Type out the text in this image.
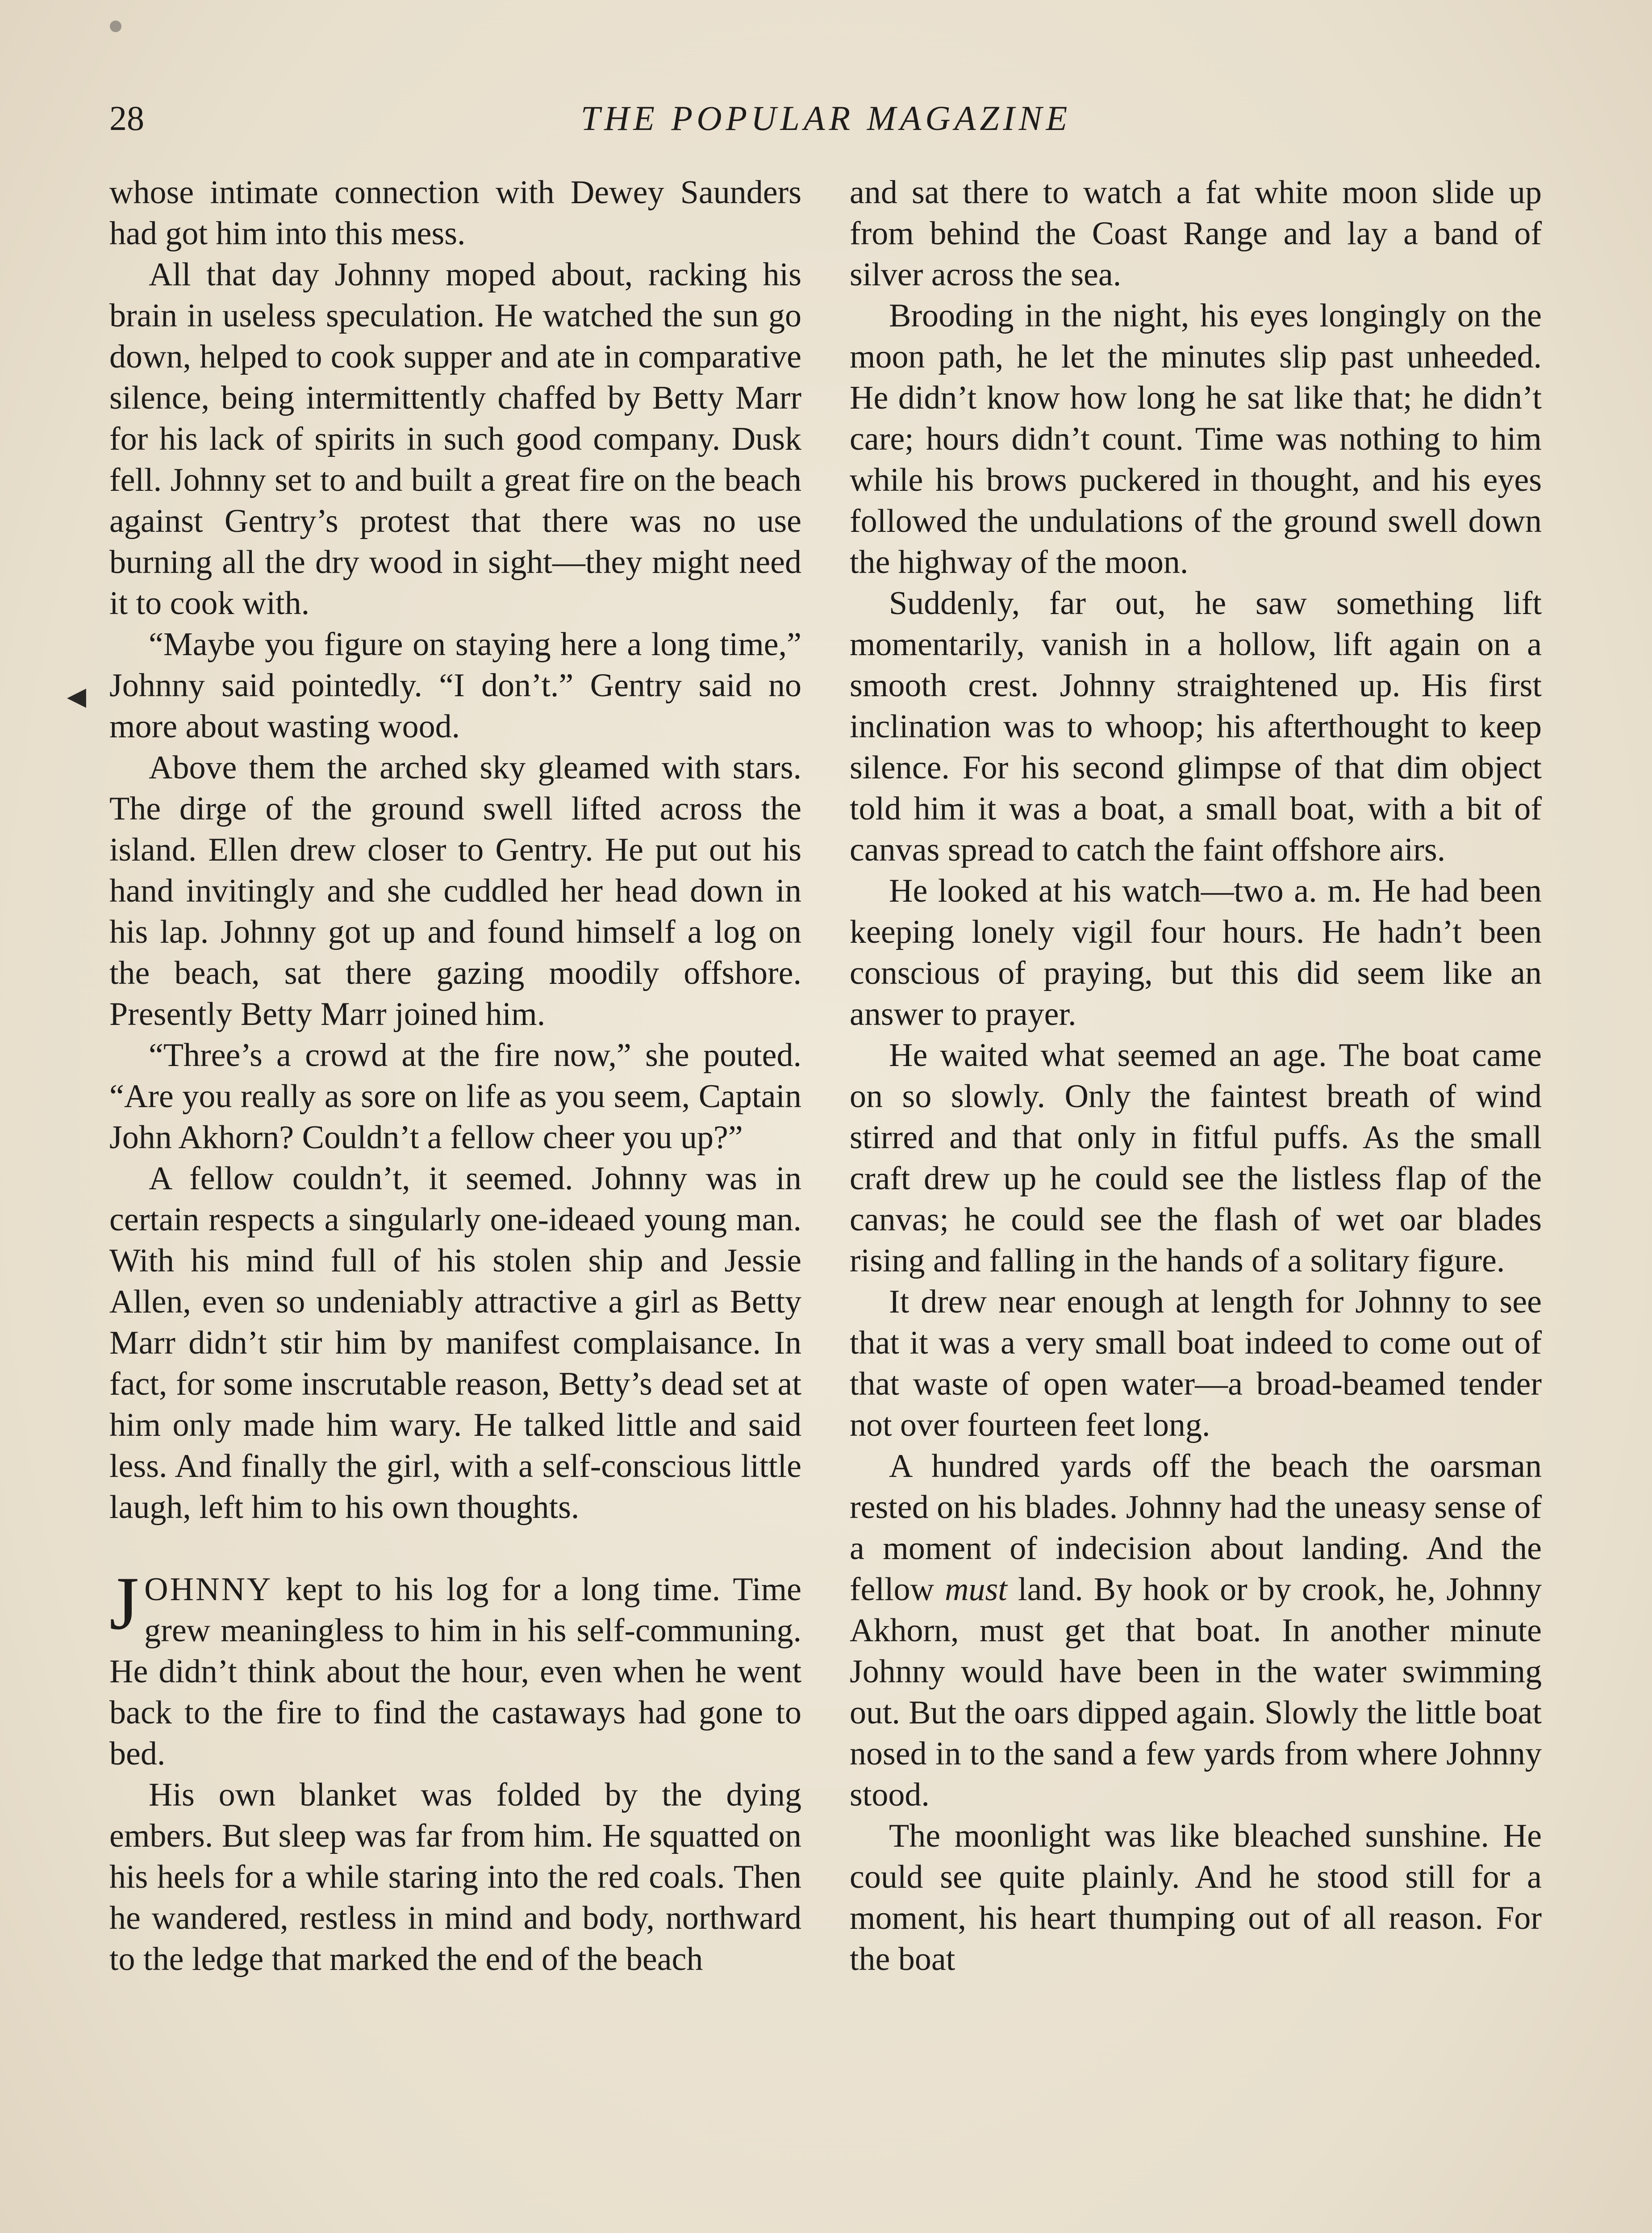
28	THE POPULAR MAGAZINE
◀

whose intimate connection with Dewey Saunders had got him into this mess.

All that day Johnny moped about, racking his brain in useless speculation. He watched the sun go down, helped to cook supper and ate in comparative silence, being intermittently chaffed by Betty Marr for his lack of spirits in such good company. Dusk fell. Johnny set to and built a great fire on the beach against Gentry’s protest that there was no use burning all the dry wood in sight—they might need it to cook with.

“Maybe you figure on staying here a long time,” Johnny said pointedly. “I don’t.” Gentry said no more about wasting wood.

Above them the arched sky gleamed with stars. The dirge of the ground swell lifted across the island. Ellen drew closer to Gentry. He put out his hand invitingly and she cuddled her head down in his lap. Johnny got up and found himself a log on the beach, sat there gazing moodily offshore. Presently Betty Marr joined him.

“Three’s a crowd at the fire now,” she pouted. “Are you really as sore on life as you seem, Captain John Akhorn? Couldn’t a fellow cheer you up?”

A fellow couldn’t, it seemed. Johnny was in certain respects a singularly one-ideaed young man. With his mind full of his stolen ship and Jessie Allen, even so undeniably attractive a girl as Betty Marr didn’t stir him by manifest complaisance. In fact, for some inscrutable reason, Betty’s dead set at him only made him wary. He talked little and said less. And finally the girl, with a self-conscious little laugh, left him to his own thoughts.

JOHNNY kept to his log for a long time. Time grew meaningless to him in his self-communing. He didn’t think about the hour, even when he went back to the fire to find the castaways had gone to bed.

His own blanket was folded by the dying embers. But sleep was far from him. He squatted on his heels for a while staring into the red coals. Then he wandered, restless in mind and body, northward to the ledge that marked the end of the beach

and sat there to watch a fat white moon slide up from behind the Coast Range and lay a band of silver across the sea.

Brooding in the night, his eyes longingly on the moon path, he let the minutes slip past unheeded. He didn’t know how long he sat like that; he didn’t care; hours didn’t count. Time was nothing to him while his brows puckered in thought, and his eyes followed the undulations of the ground swell down the highway of the moon.

Suddenly, far out, he saw something lift momentarily, vanish in a hollow, lift again on a smooth crest. Johnny straightened up. His first inclination was to whoop; his afterthought to keep silence. For his second glimpse of that dim object told him it was a boat, a small boat, with a bit of canvas spread to catch the faint offshore airs.

He looked at his watch—two a. m. He had been keeping lonely vigil four hours. He hadn’t been conscious of praying, but this did seem like an answer to prayer.

He waited what seemed an age. The boat came on so slowly. Only the faintest breath of wind stirred and that only in fitful puffs. As the small craft drew up he could see the listless flap of the canvas; he could see the flash of wet oar blades rising and falling in the hands of a solitary figure.

It drew near enough at length for Johnny to see that it was a very small boat indeed to come out of that waste of open water—a broad-beamed tender not over fourteen feet long.

A hundred yards off the beach the oarsman rested on his blades. Johnny had the uneasy sense of a moment of indecision about landing. And the fellow must land. By hook or by crook, he, Johnny Akhorn, must get that boat. In another minute Johnny would have been in the water swimming out. But the oars dipped again. Slowly the little boat nosed in to the sand a few yards from where Johnny stood.

The moonlight was like bleached sunshine. He could see quite plainly. And he stood still for a moment, his heart thumping out of all reason. For the boat
